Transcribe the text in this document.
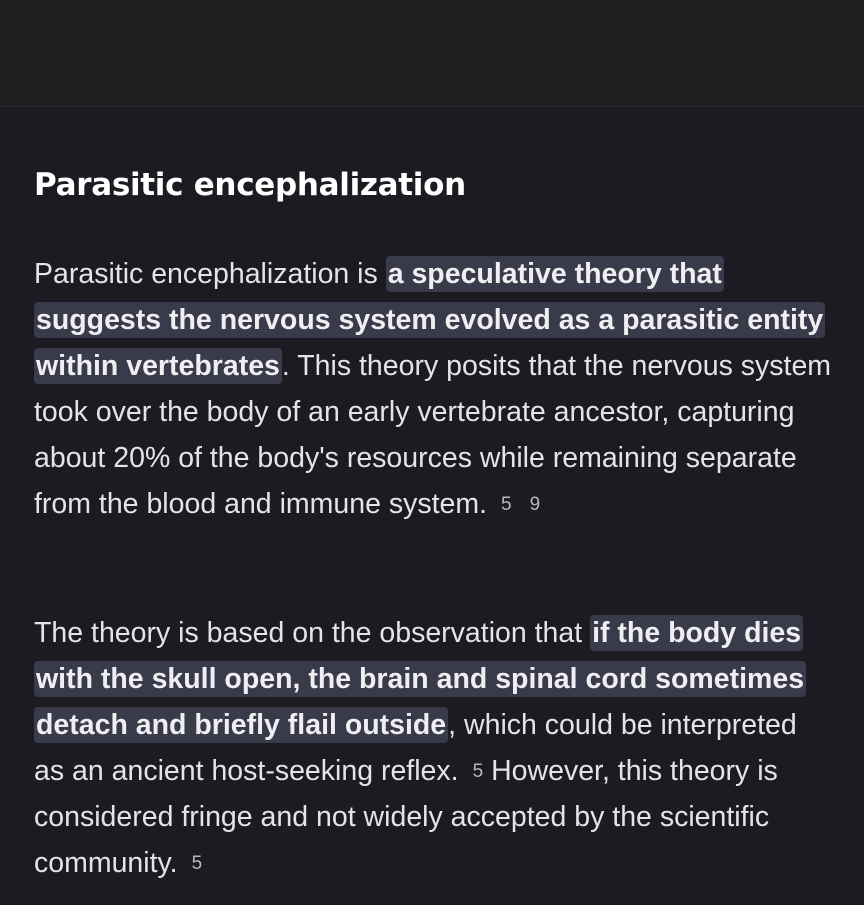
Parasitic encephalization

Parasitic encephalization is a speculative theory that suggests the nervous system evolved as a parasitic entity within vertebrates. This theory posits that the nervous system took over the body of an early vertebrate ancestor, capturing about 20% of the body's resources while remaining separate from the blood and immune system. 5 9

The theory is based on the observation that if the body dies with the skull open, the brain and spinal cord sometimes detach and briefly flail outside, which could be interpreted as an ancient host-seeking reflex. 5 However, this theory is considered fringe and not widely accepted by the scientific community. 5
